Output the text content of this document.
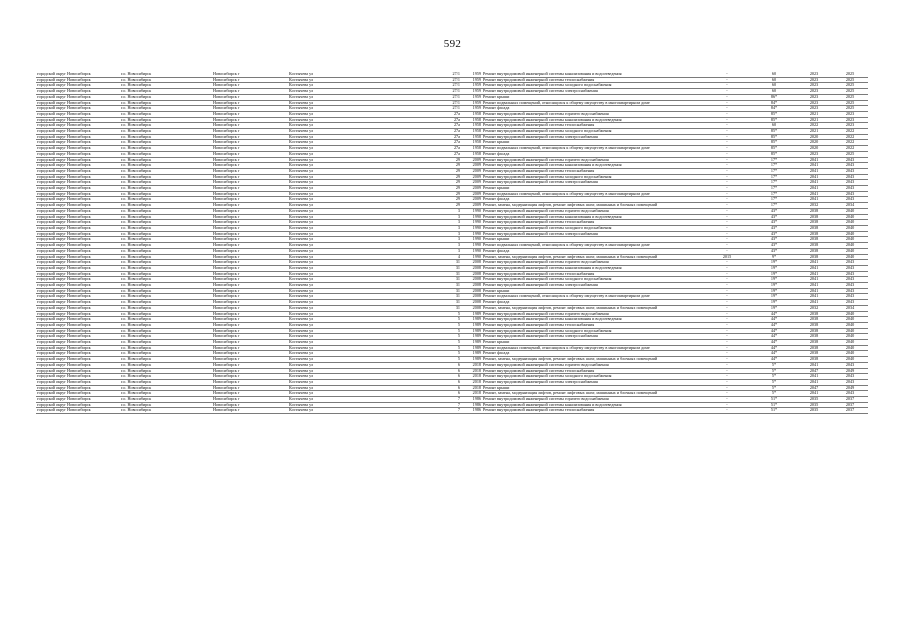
592
городской округ Новосибирск	г.о. Новосибирск	Новосибирск г	Костычева ул	27/1	1959	Ремонт внутридомовой инженерной системы канализования и водоотведения	-	60	2023	2025
городской округ Новосибирск	г.о. Новосибирск	Новосибирск г	Костычева ул	27/1	1959	Ремонт внутридомовой инженерной системы теплоснабжения	-	60	2023	2025
городской округ Новосибирск	г.о. Новосибирск	Новосибирск г	Костычева ул	27/1	1959	Ремонт внутридомовой инженерной системы холодного водоснабжения	-	60	2023	2025
городской округ Новосибирск	г.о. Новосибирск	Новосибирск г	Костычева ул	27/1	1959	Ремонт внутридомовой инженерной системы электроснабжения	-	60	2023	2025
городской округ Новосибирск	г.о. Новосибирск	Новосибирск г	Костычева ул	27/1	1959	Ремонт крыши	-	86*	2023	2025
городской округ Новосибирск	г.о. Новосибирск	Новосибирск г	Костычева ул	27/1	1959	Ремонт подвальных помещений, относящихся к общему имуществу в многоквартирном доме	-	84*	2023	2025
городской округ Новосибирск	г.о. Новосибирск	Новосибирск г	Костычева ул	27/1	1959	Ремонт фасада	-	84*	2023	2025
городской округ Новосибирск	г.о. Новосибирск	Новосибирск г	Костычева ул	27а	1958	Ремонт внутридомовой инженерной системы горячего водоснабжения	-	85*	2021	2023
городской округ Новосибирск	г.о. Новосибирск	Новосибирск г	Костычева ул	27а	1958	Ремонт внутридомовой инженерной системы канализования и водоотведения	-	85*	2021	2023
городской округ Новосибирск	г.о. Новосибирск	Новосибирск г	Костычева ул	27а	1958	Ремонт внутридомовой инженерной системы теплоснабжения	-	60	2022	2023
городской округ Новосибирск	г.о. Новосибирск	Новосибирск г	Костычева ул	27а	1958	Ремонт внутридомовой инженерной системы холодного водоснабжения	-	85*	2021	2022
городской округ Новосибирск	г.о. Новосибирск	Новосибирск г	Костычева ул	27а	1958	Ремонт внутридомовой инженерной системы электроснабжения	-	85*	2020	2022
городской округ Новосибирск	г.о. Новосибирск	Новосибирск г	Костычева ул	27а	1958	Ремонт крыши	-	85*	2020	2022
городской округ Новосибирск	г.о. Новосибирск	Новосибирск г	Костычева ул	27а	1958	Ремонт подвальных помещений, относящихся к общему имуществу в многоквартирном доме	-	85*	2020	2022
городской округ Новосибирск	г.о. Новосибирск	Новосибирск г	Костычева ул	27а	1958	Ремонт фасада	-	85*	2023	2025
городской округ Новосибирск	г.о. Новосибирск	Новосибирск г	Костычева ул	29	2009	Ремонт внутридомовой инженерной системы горячего водоснабжения	-	17*	2041	2043
городской округ Новосибирск	г.о. Новосибирск	Новосибирск г	Костычева ул	29	2009	Ремонт внутридомовой инженерной системы канализования и водоотведения	-	17*	2041	2043
городской округ Новосибирск	г.о. Новосибирск	Новосибирск г	Костычева ул	29	2009	Ремонт внутридомовой инженерной системы теплоснабжения	-	17*	2041	2043
городской округ Новосибирск	г.о. Новосибирск	Новосибирск г	Костычева ул	29	2009	Ремонт внутридомовой инженерной системы холодного водоснабжения	-	17*	2041	2043
городской округ Новосибирск	г.о. Новосибирск	Новосибирск г	Костычева ул	29	2009	Ремонт внутридомовой инженерной системы электроснабжения	-	17*	2041	2043
городской округ Новосибирск	г.о. Новосибирск	Новосибирск г	Костычева ул	29	2009	Ремонт крыши	-	17*	2041	2043
городской округ Новосибирск	г.о. Новосибирск	Новосибирск г	Костычева ул	29	2009	Ремонт подвальных помещений, относящихся к общему имуществу в многоквартирном доме	-	17*	2041	2043
городской округ Новосибирск	г.о. Новосибирск	Новосибирск г	Костычева ул	29	2009	Ремонт фасада	-	17*	2041	2043
городской округ Новосибирск	г.о. Новосибирск	Новосибирск г	Костычева ул	29	2009	Ремонт, замена, модернизация лифтов, ремонт лифтовых шахт, машинных и блочных помещений	-	17*	2032	2034
городской округ Новосибирск	г.о. Новосибирск	Новосибирск г	Костычева ул	3	1990	Ремонт внутридомовой инженерной системы горячего водоснабжения	-	43*	2038	2040
городской округ Новосибирск	г.о. Новосибирск	Новосибирск г	Костычева ул	3	1990	Ремонт внутридомовой инженерной системы канализования и водоотведения	-	43*	2038	2040
городской округ Новосибирск	г.о. Новосибирск	Новосибирск г	Костычева ул	3	1990	Ремонт внутридомовой инженерной системы теплоснабжения	-	43*	2038	2040
городской округ Новосибирск	г.о. Новосибирск	Новосибирск г	Костычева ул	3	1990	Ремонт внутридомовой инженерной системы холодного водоснабжения	-	43*	2038	2040
городской округ Новосибирск	г.о. Новосибирск	Новосибирск г	Костычева ул	3	1990	Ремонт внутридомовой инженерной системы электроснабжения	-	43*	2038	2040
городской округ Новосибирск	г.о. Новосибирск	Новосибирск г	Костычева ул	3	1990	Ремонт крыши	-	43*	2038	2040
городской округ Новосибирск	г.о. Новосибирск	Новосибирск г	Костычева ул	3	1990	Ремонт подвальных помещений, относящихся к общему имуществу в многоквартирном доме	-	43*	2038	2040
городской округ Новосибирск	г.о. Новосибирск	Новосибирск г	Костычева ул	3	1990	Ремонт фасада	-	43*	2038	2040
городской округ Новосибирск	г.о. Новосибирск	Новосибирск г	Костычева ул	4	1990	Ремонт, замена, модернизация лифтов, ремонт лифтовых шахт, машинных и блочных помещений	2015	9*	2038	2040
городской округ Новосибирск	г.о. Новосибирск	Новосибирск г	Костычева ул	31	2008	Ремонт внутридомовой инженерной системы горячего водоснабжения	-	19*	2041	2043
городской округ Новосибирск	г.о. Новосибирск	Новосибирск г	Костычева ул	31	2008	Ремонт внутридомовой инженерной системы канализования и водоотведения	-	19*	2041	2043
городской округ Новосибирск	г.о. Новосибирск	Новосибирск г	Костычева ул	31	2008	Ремонт внутридомовой инженерной системы теплоснабжения	-	19*	2041	2043
городской округ Новосибирск	г.о. Новосибирск	Новосибирск г	Костычева ул	31	2008	Ремонт внутридомовой инженерной системы холодного водоснабжения	-	19*	2041	2043
городской округ Новосибирск	г.о. Новосибирск	Новосибирск г	Костычева ул	31	2008	Ремонт внутридомовой инженерной системы электроснабжения	-	19*	2041	2043
городской округ Новосибирск	г.о. Новосибирск	Новосибирск г	Костычева ул	31	2008	Ремонт крыши	-	19*	2041	2043
городской округ Новосибирск	г.о. Новосибирск	Новосибирск г	Костычева ул	31	2008	Ремонт подвальных помещений, относящихся к общему имуществу в многоквартирном доме	-	19*	2041	2043
городской округ Новосибирск	г.о. Новосибирск	Новосибирск г	Костычева ул	31	2008	Ремонт фасада	-	19*	2041	2043
городской округ Новосибирск	г.о. Новосибирск	Новосибирск г	Костычева ул	31	2008	Ремонт, замена, модернизация лифтов, ремонт лифтовых шахт, машинных и блочных помещений	-	19*	2032	2034
городской округ Новосибирск	г.о. Новосибирск	Новосибирск г	Костычева ул	5	1989	Ремонт внутридомовой инженерной системы горячего водоснабжения	-	44*	2038	2040
городской округ Новосибирск	г.о. Новосибирск	Новосибирск г	Костычева ул	5	1989	Ремонт внутридомовой инженерной системы канализования и водоотведения	-	44*	2038	2040
городской округ Новосибирск	г.о. Новосибирск	Новосибирск г	Костычева ул	5	1989	Ремонт внутридомовой инженерной системы теплоснабжения	-	44*	2038	2040
городской округ Новосибирск	г.о. Новосибирск	Новосибирск г	Костычева ул	5	1989	Ремонт внутридомовой инженерной системы холодного водоснабжения	-	44*	2038	2040
городской округ Новосибирск	г.о. Новосибирск	Новосибирск г	Костычева ул	5	1989	Ремонт внутридомовой инженерной системы электроснабжения	-	44*	2038	2040
городской округ Новосибирск	г.о. Новосибирск	Новосибирск г	Костычева ул	5	1989	Ремонт крыши	-	44*	2038	2040
городской округ Новосибирск	г.о. Новосибирск	Новосибирск г	Костычева ул	5	1989	Ремонт подвальных помещений, относящихся к общему имуществу в многоквартирном доме	-	44*	2038	2040
городской округ Новосибирск	г.о. Новосибирск	Новосибирск г	Костычева ул	5	1989	Ремонт фасада	-	44*	2038	2040
городской округ Новосибирск	г.о. Новосибирск	Новосибирск г	Костычева ул	5	1989	Ремонт, замена, модернизация лифтов, ремонт лифтовых шахт, машинных и блочных помещений	-	44*	2038	2040
городской округ Новосибирск	г.о. Новосибирск	Новосибирск г	Костычева ул	6	2018	Ремонт внутридомовой инженерной системы горячего водоснабжения	-	5*	2041	2043
городской округ Новосибирск	г.о. Новосибирск	Новосибирск г	Костычева ул	6	2018	Ремонт внутридомовой инженерной системы теплоснабжения	-	5*	2047	2049
городской округ Новосибирск	г.о. Новосибирск	Новосибирск г	Костычева ул	6	2018	Ремонт внутридомовой инженерной системы холодного водоснабжения	-	5*	2041	2043
городской округ Новосибирск	г.о. Новосибирск	Новосибирск г	Костычева ул	6	2018	Ремонт внутридомовой инженерной системы электроснабжения	-	5*	2041	2043
городской округ Новосибирск	г.о. Новосибирск	Новосибирск г	Костычева ул	6	2018	Ремонт крыши	-	5*	2047	2049
городской округ Новосибирск	г.о. Новосибирск	Новосибирск г	Костычева ул	6	2018	Ремонт, замена, модернизация лифтов, ремонт лифтовых шахт, машинных и блочных помещений	-	5*	2041	2043
городской округ Новосибирск	г.о. Новосибирск	Новосибирск г	Костычева ул	7	1986	Ремонт внутридомовой инженерной системы горячего водоснабжения	-	51*	2035	2037
городской округ Новосибирск	г.о. Новосибирск	Новосибирск г	Костычева ул	7	1986	Ремонт внутридомовой инженерной системы канализования и водоотведения	-	51*	2035	2037
городской округ Новосибирск	г.о. Новосибирск	Новосибирск г	Костычева ул	7	1986	Ремонт внутридомовой инженерной системы теплоснабжения	-	51*	2035	2037
